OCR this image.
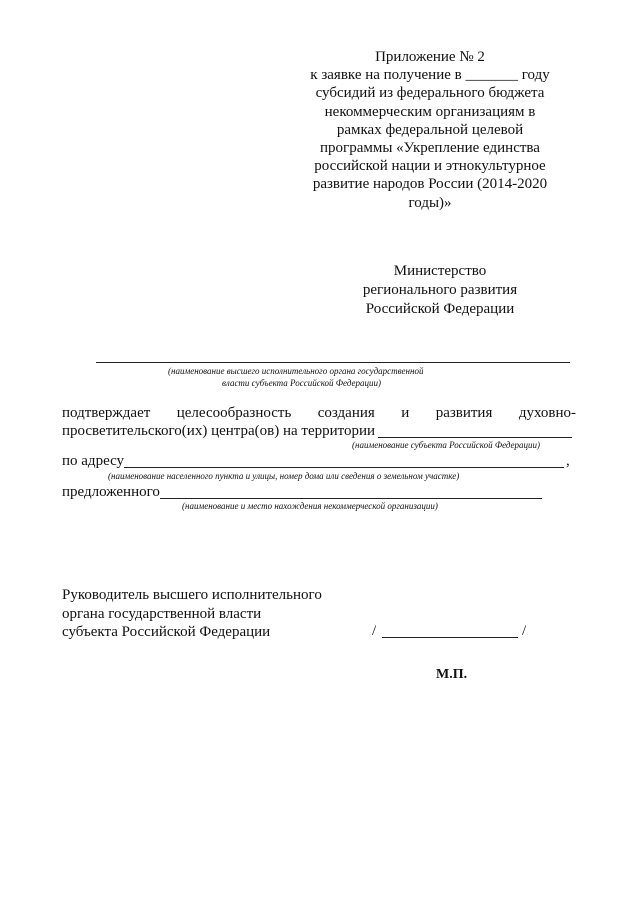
Приложение № 2
к заявке на получение в _______ году
субсидий из федерального бюджета
некоммерческим организациям в
рамках федеральной целевой
программы «Укрепление единства
российской нации и этнокультурное
развитие народов России (2014-2020
годы)»
Министерство
регионального развития
Российской Федерации
(наименование высшего исполнительного органа государственной
власти субъекта Российской Федерации)
подтверждает целесообразность создания и развития духовно-
просветительского(их) центра(ов) на территории
(наименование субъекта Российской Федерации)
по адресу	,
(наименование населенного пункта и улицы, номер дома или сведения о земельном участке)
предложенного
(наименование и место нахождения некоммерческой организации)
Руководитель высшего исполнительного
органа государственной власти
субъекта Российской Федерации	/	/
М.П.
